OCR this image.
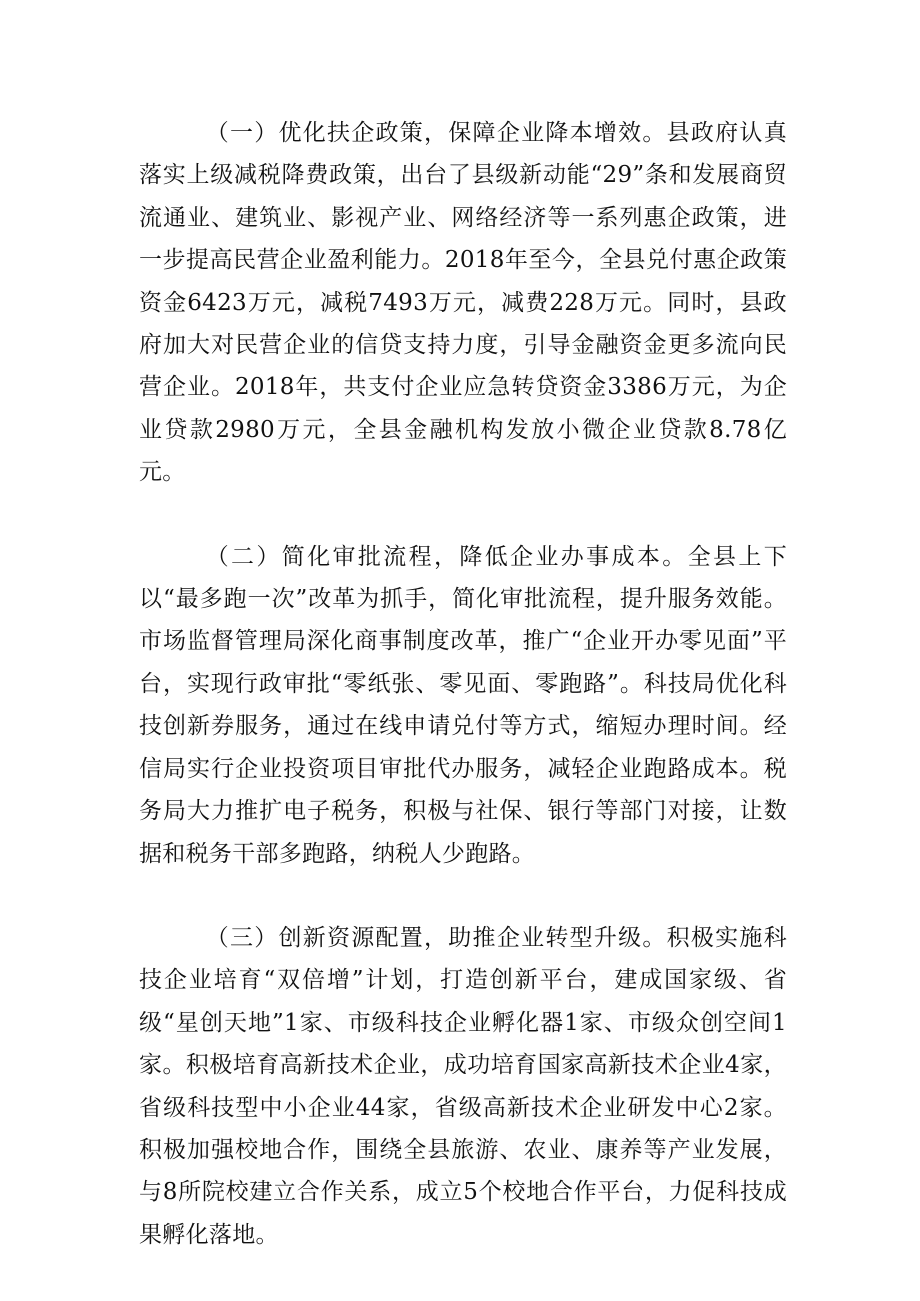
（一）优化扶企政策，保障企业降本增效。县政府认真落实上级减税降费政策，出台了县级新动能“29”条和发展商贸流通业、建筑业、影视产业、网络经济等一系列惠企政策，进一步提高民营企业盈利能力。2018年至今，全县兑付惠企政策资金6423万元，减税7493万元，减费228万元。同时，县政府加大对民营企业的信贷支持力度，引导金融资金更多流向民营企业。2018年，共支付企业应急转贷资金3386万元，为企业贷款2980万元，全县金融机构发放小微企业贷款8.78亿元。

（二）简化审批流程，降低企业办事成本。全县上下以“最多跑一次”改革为抓手，简化审批流程，提升服务效能。市场监督管理局深化商事制度改革，推广“企业开办零见面”平台，实现行政审批“零纸张、零见面、零跑路”。科技局优化科技创新券服务，通过在线申请兑付等方式，缩短办理时间。经信局实行企业投资项目审批代办服务，减轻企业跑路成本。税务局大力推扩电子税务，积极与社保、银行等部门对接，让数据和税务干部多跑路，纳税人少跑路。

（三）创新资源配置，助推企业转型升级。积极实施科技企业培育“双倍增”计划，打造创新平台，建成国家级、省级“星创天地”1家、市级科技企业孵化器1家、市级众创空间1家。积极培育高新技术企业，成功培育国家高新技术企业4家，省级科技型中小企业44家，省级高新技术企业研发中心2家。积极加强校地合作，围绕全县旅游、农业、康养等产业发展，与8所院校建立合作关系，成立5个校地合作平台，力促科技成果孵化落地。
